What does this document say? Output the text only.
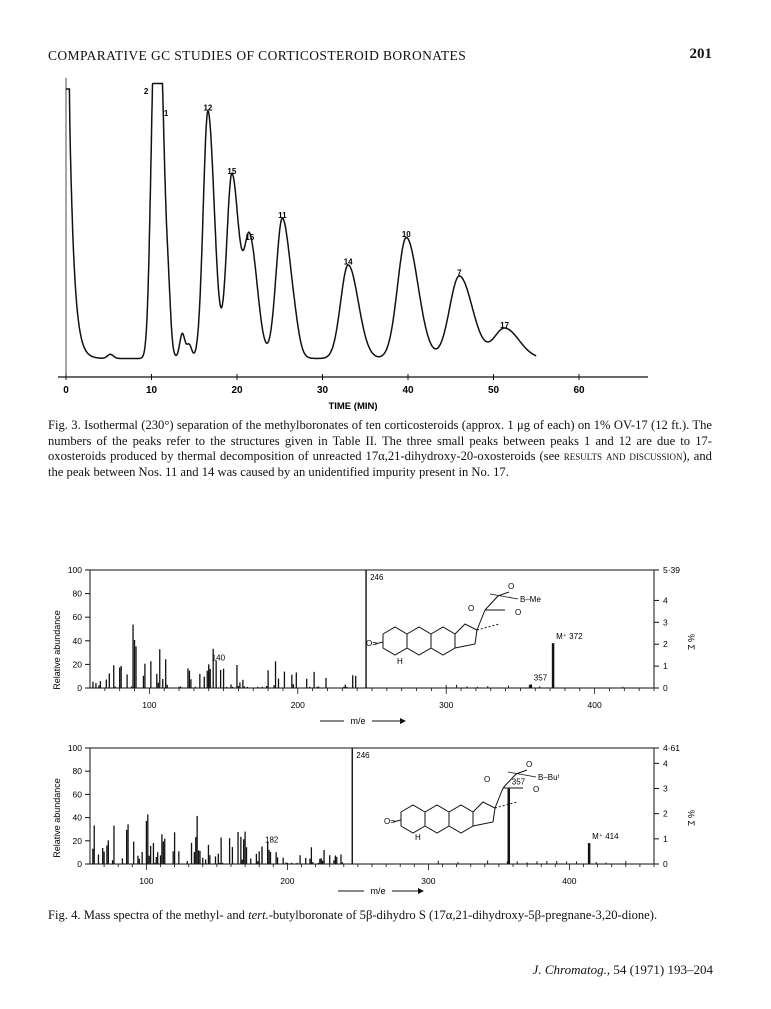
COMPARATIVE GC STUDIES OF CORTICOSTEROID BORONATES	201
0	10	20	30	40	50	60
2
1
12
15
15
11
14
10
7
17
TIME (MIN)
Fig. 3. Isothermal (230°) separation of the methylboronates of ten corticosteroids (approx. 1 μg of each) on 1% OV-17 (12 ft.). The numbers of the peaks refer to the structures given in Table II. The three small peaks between peaks 1 and 12 are due to 17-oxosteroids produced by thermal decomposition of unreacted 17α,21-dihydroxy-20-oxosteroids (see results and discussion), and the peak between Nos. 11 and 14 was caused by an unidentified impurity present in No. 17.
Relative abundance 0
20
40
60
80
100
0
1
2
3
4
5·39
100	200	300	400
140
246
357
M⁺ 372	% Σ
m/e
O=
H
O
O	O
B–Me
Relative abundance
0
20
40
60
80
100
0
1
2
3
4
4·61
100	200	300	400
182
246
357
M⁺ 414
% Σ
m/e
O=
H
O
O
O
B–Buᵗ
Fig. 4. Mass spectra of the methyl- and tert.-butylboronate of 5β-dihydro S (17α,21-dihydroxy-5β-pregnane-3,20-dione).
J. Chromatog., 54 (1971) 193–204
